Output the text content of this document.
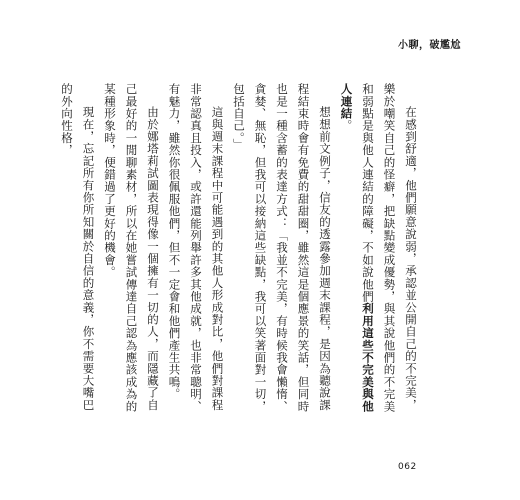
小聊，破尷尬

在感到舒適，他們願意說弱，承認並公開自己的不完美，樂於嘲笑自己的怪癖，把缺點變成優勢，與其說他們的不完美和弱點是與他人連結的障礙，不如說他們利用這些不完美與他人連結。

想想前文例子，信友的透露參加週末課程，是因為聽說課程結束時會有免費的甜甜圈，雖然這是個應景的笑話，但同時也是一種含蓄的表達方式：「我並不完美，有時候我會懶惰、貪婪、無恥，但我可以接納這些缺點，我可以笑著面對一切，包括自己。」

這與週末課程中可能遇到的其他人形成對比，他們對課程非常認真且投入，或許還能列舉許多其他成就，也非常聰明、有魅力，雖然你很佩服他們，但不一定會和他們產生共鳴。

由於娜塔莉試圖表現得像一個擁有一切的人，而隱藏了自己最好的一閒聊素材，所以在她嘗試傳達自己認為應該成為的某種形象時，便錯過了更好的機會。

現在，忘記所有你所知關於自信的意義，你不需要大嘴巴的外向性格，

062
